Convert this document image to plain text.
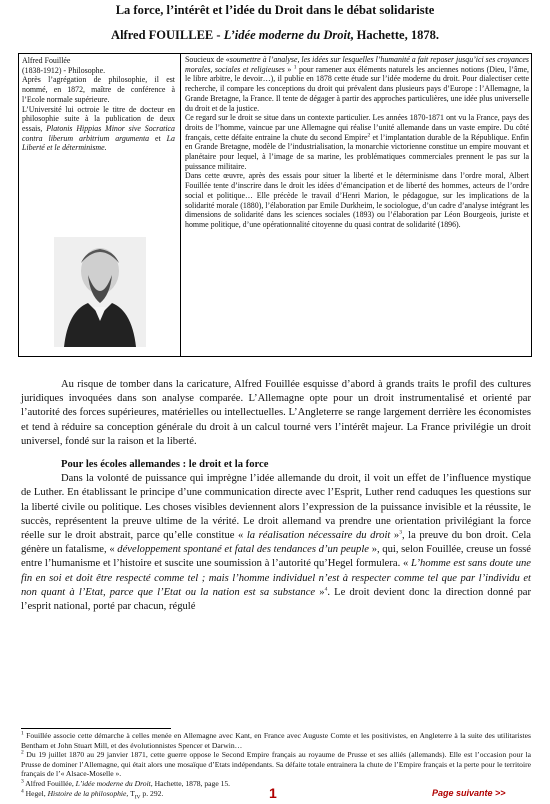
La force, l’intérêt et l’idée du Droit dans le débat solidariste
Alfred FOUILLEE - L’idée moderne du Droit, Hachette, 1878.

Alfred Fouillée

(1838-1912) - Philosophe.

Après l’agrégation de philosophie, il est nommé, en 1872, maître de conférence à l’Ecole normale supérieure.

L’Université lui octroie le titre de docteur en philosophie suite à la publication de deux essais, Platonis Hippias Minor sive Socratica contra liberum arbitrium argumenta et La Liberté et le déterminisme.

Soucieux de «soumettre à l’analyse, les idées sur lesquelles l’humanité a fait reposer jusqu’ici ses croyances morales, sociales et religieuses » $^1$ pour ramener aux éléments naturels les anciennes notions (Dieu, l’âme, le libre arbitre, le devoir…), il publie en 1878 cette étude sur l’idée moderne du droit. Pour dialectiser cette recherche, il compare les conceptions du droit qui prévalent dans plusieurs pays d’Europe : l’Allemagne, la Grande Bretagne, la France. Il tente de dégager à partir des approches particulières, une idée plus universelle du droit et de la justice.

Ce regard sur le droit se situe dans un contexte particulier. Les années 1870-1871 ont vu la France, pays des droits de l’homme, vaincue par une Allemagne qui réalise l’unité allemande dans un vaste empire. Du côté français, cette défaite entraine la chute du second Empire$^2$ et l’implantation durable de la République. Enfin en Grande Bretagne, modèle de l’industrialisation, la monarchie victorienne constitue un empire mouvant et planétaire pour lequel, à l’image de sa marine, les problématiques commerciales prennent le pas sur la puissance militaire.

Dans cette œuvre, après des essais pour situer la liberté et le déterminisme dans l’ordre moral, Albert Fouillée tente d’inscrire dans le droit les idées d’émancipation et de liberté des hommes, acteurs de l’ordre social et politique… Elle précède le travail d’Henri Marion, le pédagogue, sur les implications de la solidarité morale (1880), l’élaboration par Emile Durkheim, le sociologue, d’un cadre d’analyse intégrant les dimensions de solidarité dans les sciences sociales (1893) ou l’élaboration par Léon Bourgeois, juriste et homme politique, d’une opérationnalité citoyenne du quasi contrat de solidarité (1896).

Au risque de tomber dans la caricature, Alfred Fouillée esquisse d’abord à grands traits le profil des cultures juridiques invoquées dans son analyse comparée. L’Allemagne opte pour un droit instrumentalisé et orienté par l’autorité des forces supérieures, matérielles ou intellectuelles. L’Angleterre se range largement derrière les économistes et tend à réduire sa conception générale du droit à un calcul tourné vers l’intérêt majeur. La France privilégie un droit universel, fondé sur la raison et la liberté.

Pour les écoles allemandes : le droit et la force

Dans la volonté de puissance qui imprègne l’idée allemande du droit, il voit un effet de l’influence mystique de Luther. En établissant le principe d’une communication directe avec l’Esprit, Luther rend caduques les questions sur la liberté civile ou politique. Les choses visibles deviennent alors l’expression de la puissance invisible et la réussite, le succès, représentent la preuve ultime de la vérité. Le droit allemand va prendre une orientation privilégiant la force réelle sur le droit abstrait, parce qu’elle constitue « la réalisation nécessaire du droit »$^3$, la preuve du bon droit. Cela génère un fatalisme, « développement spontané et fatal des tendances d’un peuple », qui, selon Fouillée, creuse un fossé entre l’humanisme et l’histoire et suscite une soumission à l’autorité qu’Hegel formulera. « L’homme est sans doute une fin en soi et doit être respecté comme tel ; mais l’homme individuel n’est à respecter comme tel que par l’individu et non quant à l’Etat, parce que l’Etat ou la nation est sa substance »$^4$. Le droit devient donc la direction donné par l’esprit national, porté par chacun, régulé

$^1$ Fouillée associe cette démarche à celles menée en Allemagne avec Kant, en France avec Auguste Comte et les positivistes, en Angleterre à la suite des utilitaristes Bentham et John Stuart Mill, et des évolutionnistes Spencer et Darwin…

$^2$ Du 19 juillet 1870 au 29 janvier 1871, cette guerre oppose le Second Empire français au royaume de Prusse et ses alliés (allemands). Elle est l’occasion pour la Prusse de dominer l’Allemagne, qui était alors une mosaïque d’Etats indépendants. Sa défaite totale entrainera la chute de l’Empire français et la perte pour le territoire français de l’« Alsace-Moselle ».

$^3$ Alfred Fouillée, L’idée moderne du Droit, Hachette, 1878, page 15.

$^4$ Hegel, Histoire de la philosophie, $T_{IV}$ p. 292.	1	Page suivante >>
